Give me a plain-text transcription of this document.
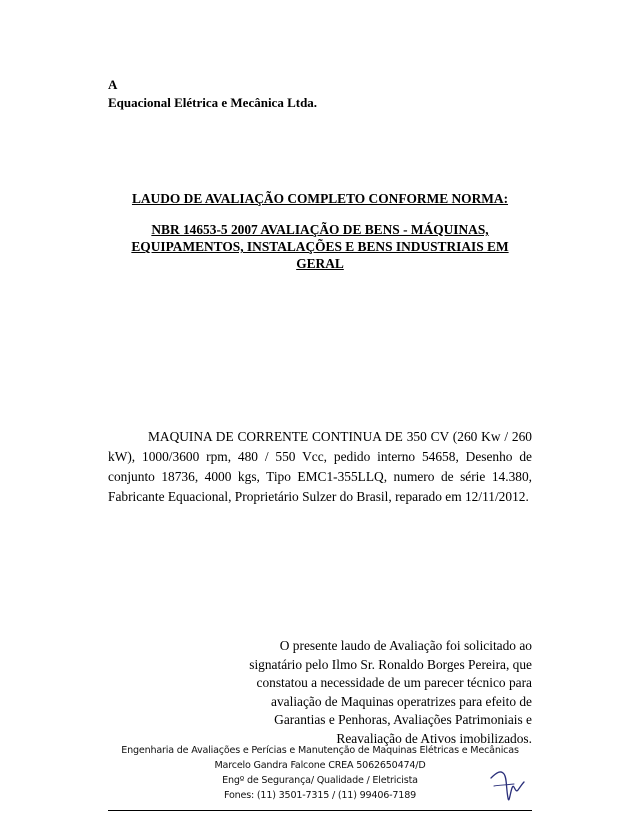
A
Equacional Elétrica e Mecânica Ltda.
LAUDO DE AVALIAÇÃO COMPLETO CONFORME NORMA:
NBR 14653-5 2007 AVALIAÇÃO DE BENS - MÁQUINAS, EQUIPAMENTOS, INSTALAÇÕES E BENS INDUSTRIAIS EM GERAL

MAQUINA DE CORRENTE CONTINUA DE 350 CV (260 Kw / 260 kW), 1000/3600 rpm, 480 / 550 Vcc, pedido interno 54658, Desenho de conjunto 18736, 4000 kgs, Tipo EMC1-355LLQ, numero de série 14.380, Fabricante Equacional, Proprietário Sulzer do Brasil, reparado em 12/11/2012.

O presente laudo de Avaliação foi solicitado ao signatário pelo Ilmo Sr. Ronaldo Borges Pereira, que constatou a necessidade de um parecer técnico para avaliação de Maquinas operatrizes para efeito de Garantias e Penhoras, Avaliações Patrimoniais e Reavaliação de Ativos imobilizados.
Engenharia de Avaliações e Perícias e Manutenção de Maquinas Elétricas e Mecânicas
Marcelo Gandra Falcone CREA 5062650474/D
Engº de Segurança/ Qualidade / Eletricista
Fones: (11) 3501-7315 / (11) 99406-7189
